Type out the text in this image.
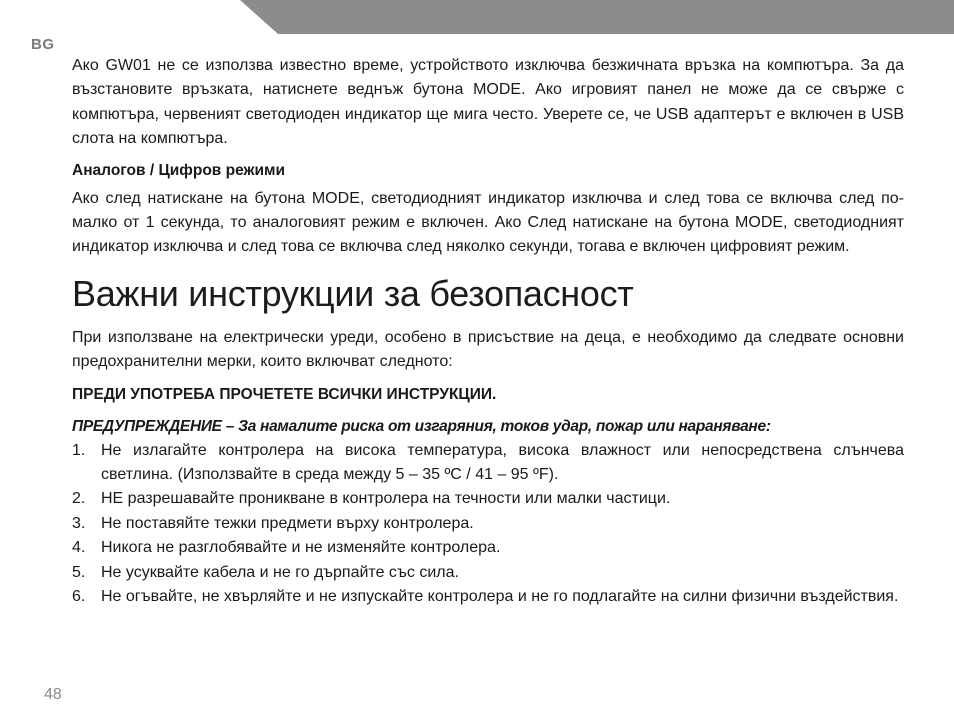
BG

Ако GW01 не се използва известно време, устройството изключва безжичната връзка на компютъра. За да възстановите връзката, натиснете веднъж бутона MODE. Ако игровият панел не може да се свърже с компютъра, червеният светодиоден индикатор ще мига често. Уверете се, че USB адаптерът е включен в USB слота на компютъра.

Аналогов / Цифров режими

Ако след натискане на бутона MODE, светодиодният индикатор изключва и след това се включва след по-малко от 1 секунда, то аналоговият режим е включен. Ако След натискане на бутона MODE, светодиодният индикатор изключва и след това се включва след няколко секунди, тогава е включен цифровият режим.

Важни инструкции за безопасност

При използване на електрически уреди, особено в присъствие на деца, е необходимо да следвате основни предохранителни мерки, които включват следното:

ПРЕДИ УПОТРЕБА ПРОЧЕТЕТЕ ВСИЧКИ ИНСТРУКЦИИ.

ПРЕДУПРЕЖДЕНИЕ – За намалите риска от изгаряния, токов удар, пожар или нараняване:

1. Не излагайте контролера на висока температура, висока влажност или непосредствена слънчева светлина. (Използвайте в среда между 5 – 35 ºC / 41 – 95 ºF).
2. НЕ разрешавайте проникване в контролера на течности или малки частици.
3. Не поставяйте тежки предмети върху контролера.
4. Никога не разглобявайте и не изменяйте контролера.
5. Не усуквайте кабела и не го дърпайте със сила.
6. Не огъвайте, не хвърляйте и не изпускайте контролера и не го подлагайте на силни физични въздействия.
48
